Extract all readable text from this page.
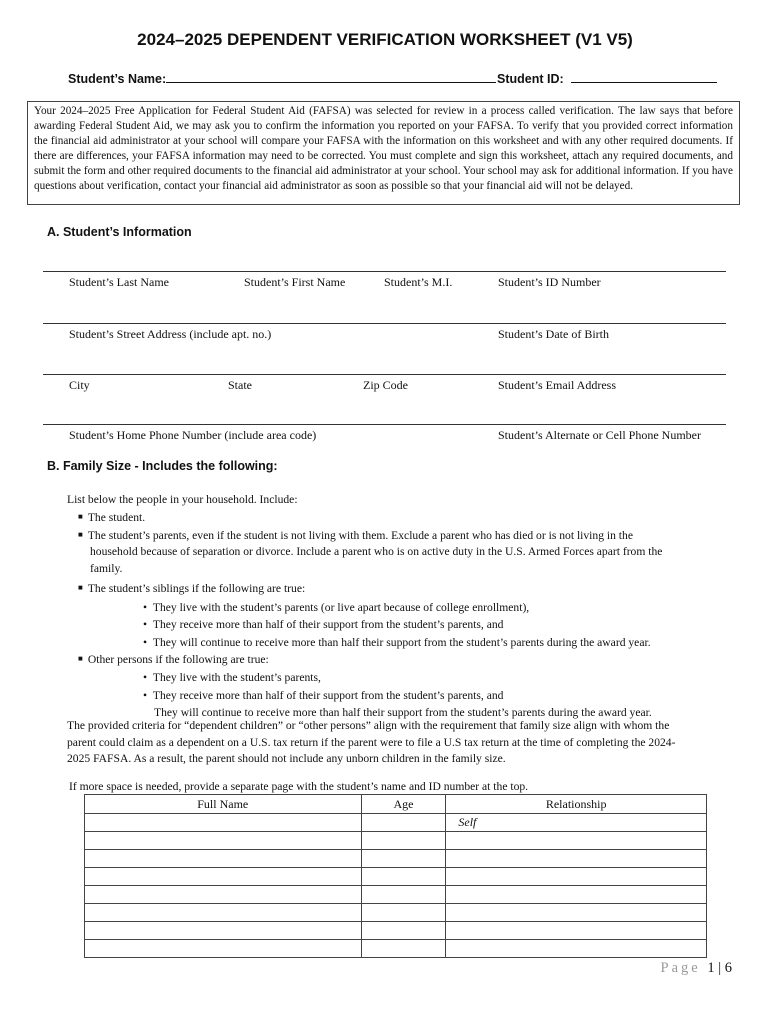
2024–2025 DEPENDENT VERIFICATION WORKSHEET (V1 V5)
Student’s Name:	Student ID:
Your 2024–2025 Free Application for Federal Student Aid (FAFSA) was selected for review in a process called verification. The law says that before awarding Federal Student Aid, we may ask you to confirm the information you reported on your FAFSA. To verify that you provided correct information the financial aid administrator at your school will compare your FAFSA with the information on this worksheet and with any other required documents. If there are differences, your FAFSA information may need to be corrected. You must complete and sign this worksheet, attach any required documents, and submit the form and other required documents to the financial aid administrator at your school. Your school may ask for additional information. If you have questions about verification, contact your financial aid administrator as soon as possible so that your financial aid will not be delayed.
A. Student’s Information
Student’s Last Name	Student’s First Name	Student’s M.I.	Student’s ID Number
Student’s Street Address (include apt. no.)	Student’s Date of Birth
City	State	Zip Code	Student’s Email Address
Student’s Home Phone Number (include area code)	Student’s Alternate or Cell Phone Number
B. Family Size - Includes the following:
List below the people in your household. Include:
■ The student.
■ The student’s parents, even if the student is not living with them. Exclude a parent who has died or is not living in the
household because of separation or divorce. Include a parent who is on active duty in the U.S. Armed Forces apart from the
family.
■ The student’s siblings if the following are true:
•  They live with the student’s parents (or live apart because of college enrollment),
•  They receive more than half of their support from the student’s parents, and
•  They will continue to receive more than half their support from the student’s parents during the award year.
■ Other persons if the following are true:
•  They live with the student’s parents,
•  They receive more than half of their support from the student’s parents, and
They will continue to receive more than half their support from the student’s parents during the award year.
The provided criteria for “dependent children” or “other persons” align with the requirement that family size align with whom the
parent could claim as a dependent on a U.S. tax return if the parent were to file a U.S tax return at the time of completing the 2024-
2025 FAFSA. As a result, the parent should not include any unborn children in the family size.
If more space is needed, provide a separate page with the student’s name and ID number at the top.
Full Name	Age	Relationship
		Self

Page 1 | 6
